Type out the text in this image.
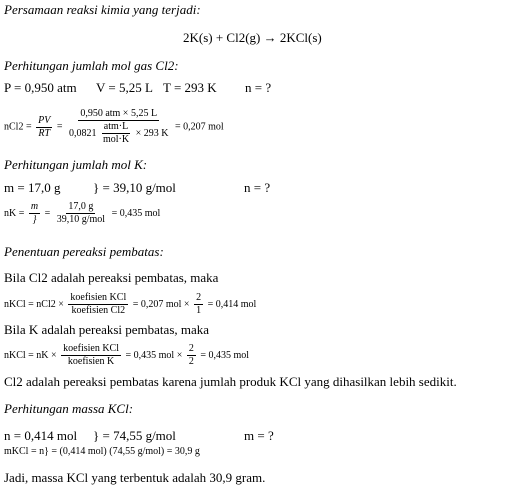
Persamaan reaksi kimia yang terjadi:
2K(s) + Cl2(g) → 2KCl(s)
Perhitungan jumlah mol gas Cl2:
P = 0,950 atm V = 5,25 L T = 293 K n = ?
$nCl2 = \frac{PV}{RT} = \frac{\text{0,950 atm × 5,25 L}}{0,0821 \frac{\text{atm·L}}{\text{mol·K}} \times 293 K} = 0,207$ mol
Perhitungan jumlah mol K:
m = 17,0 g	} = 39,10 g/mol	n = ?
nK = $\frac{m}{\}} = \frac{17,0 g}{\text{39,10 g/mol}} = 0,435$ mol
Penentuan pereaksi pembatas:
Bila Cl2 adalah pereaksi pembatas, maka
nKCl = $nCl2 \times \frac{\text{koefisien KCl}}{\text{koefisien Cl2}} = 0,207$ mol × $\frac{2}{1} = 0,414$ mol
Bila K adalah pereaksi pembatas, maka
nKCl = nK × $\frac{\text{koefisien KCl}}{\text{koefisien K}} = 0,435$ mol × $\frac{2}{2} = 0,435$ mol
Cl2 adalah pereaksi pembatas karena jumlah produk KCl yang dihasilkan lebih sedikit.
Perhitungan massa KCl:
n = 0,414 mol } = 74,55 g/mol	m = ?
mKCl = n} = (0,414 mol) (74,55 g/mol) = 30,9 g
Jadi, massa KCl yang terbentuk adalah 30,9 gram.
